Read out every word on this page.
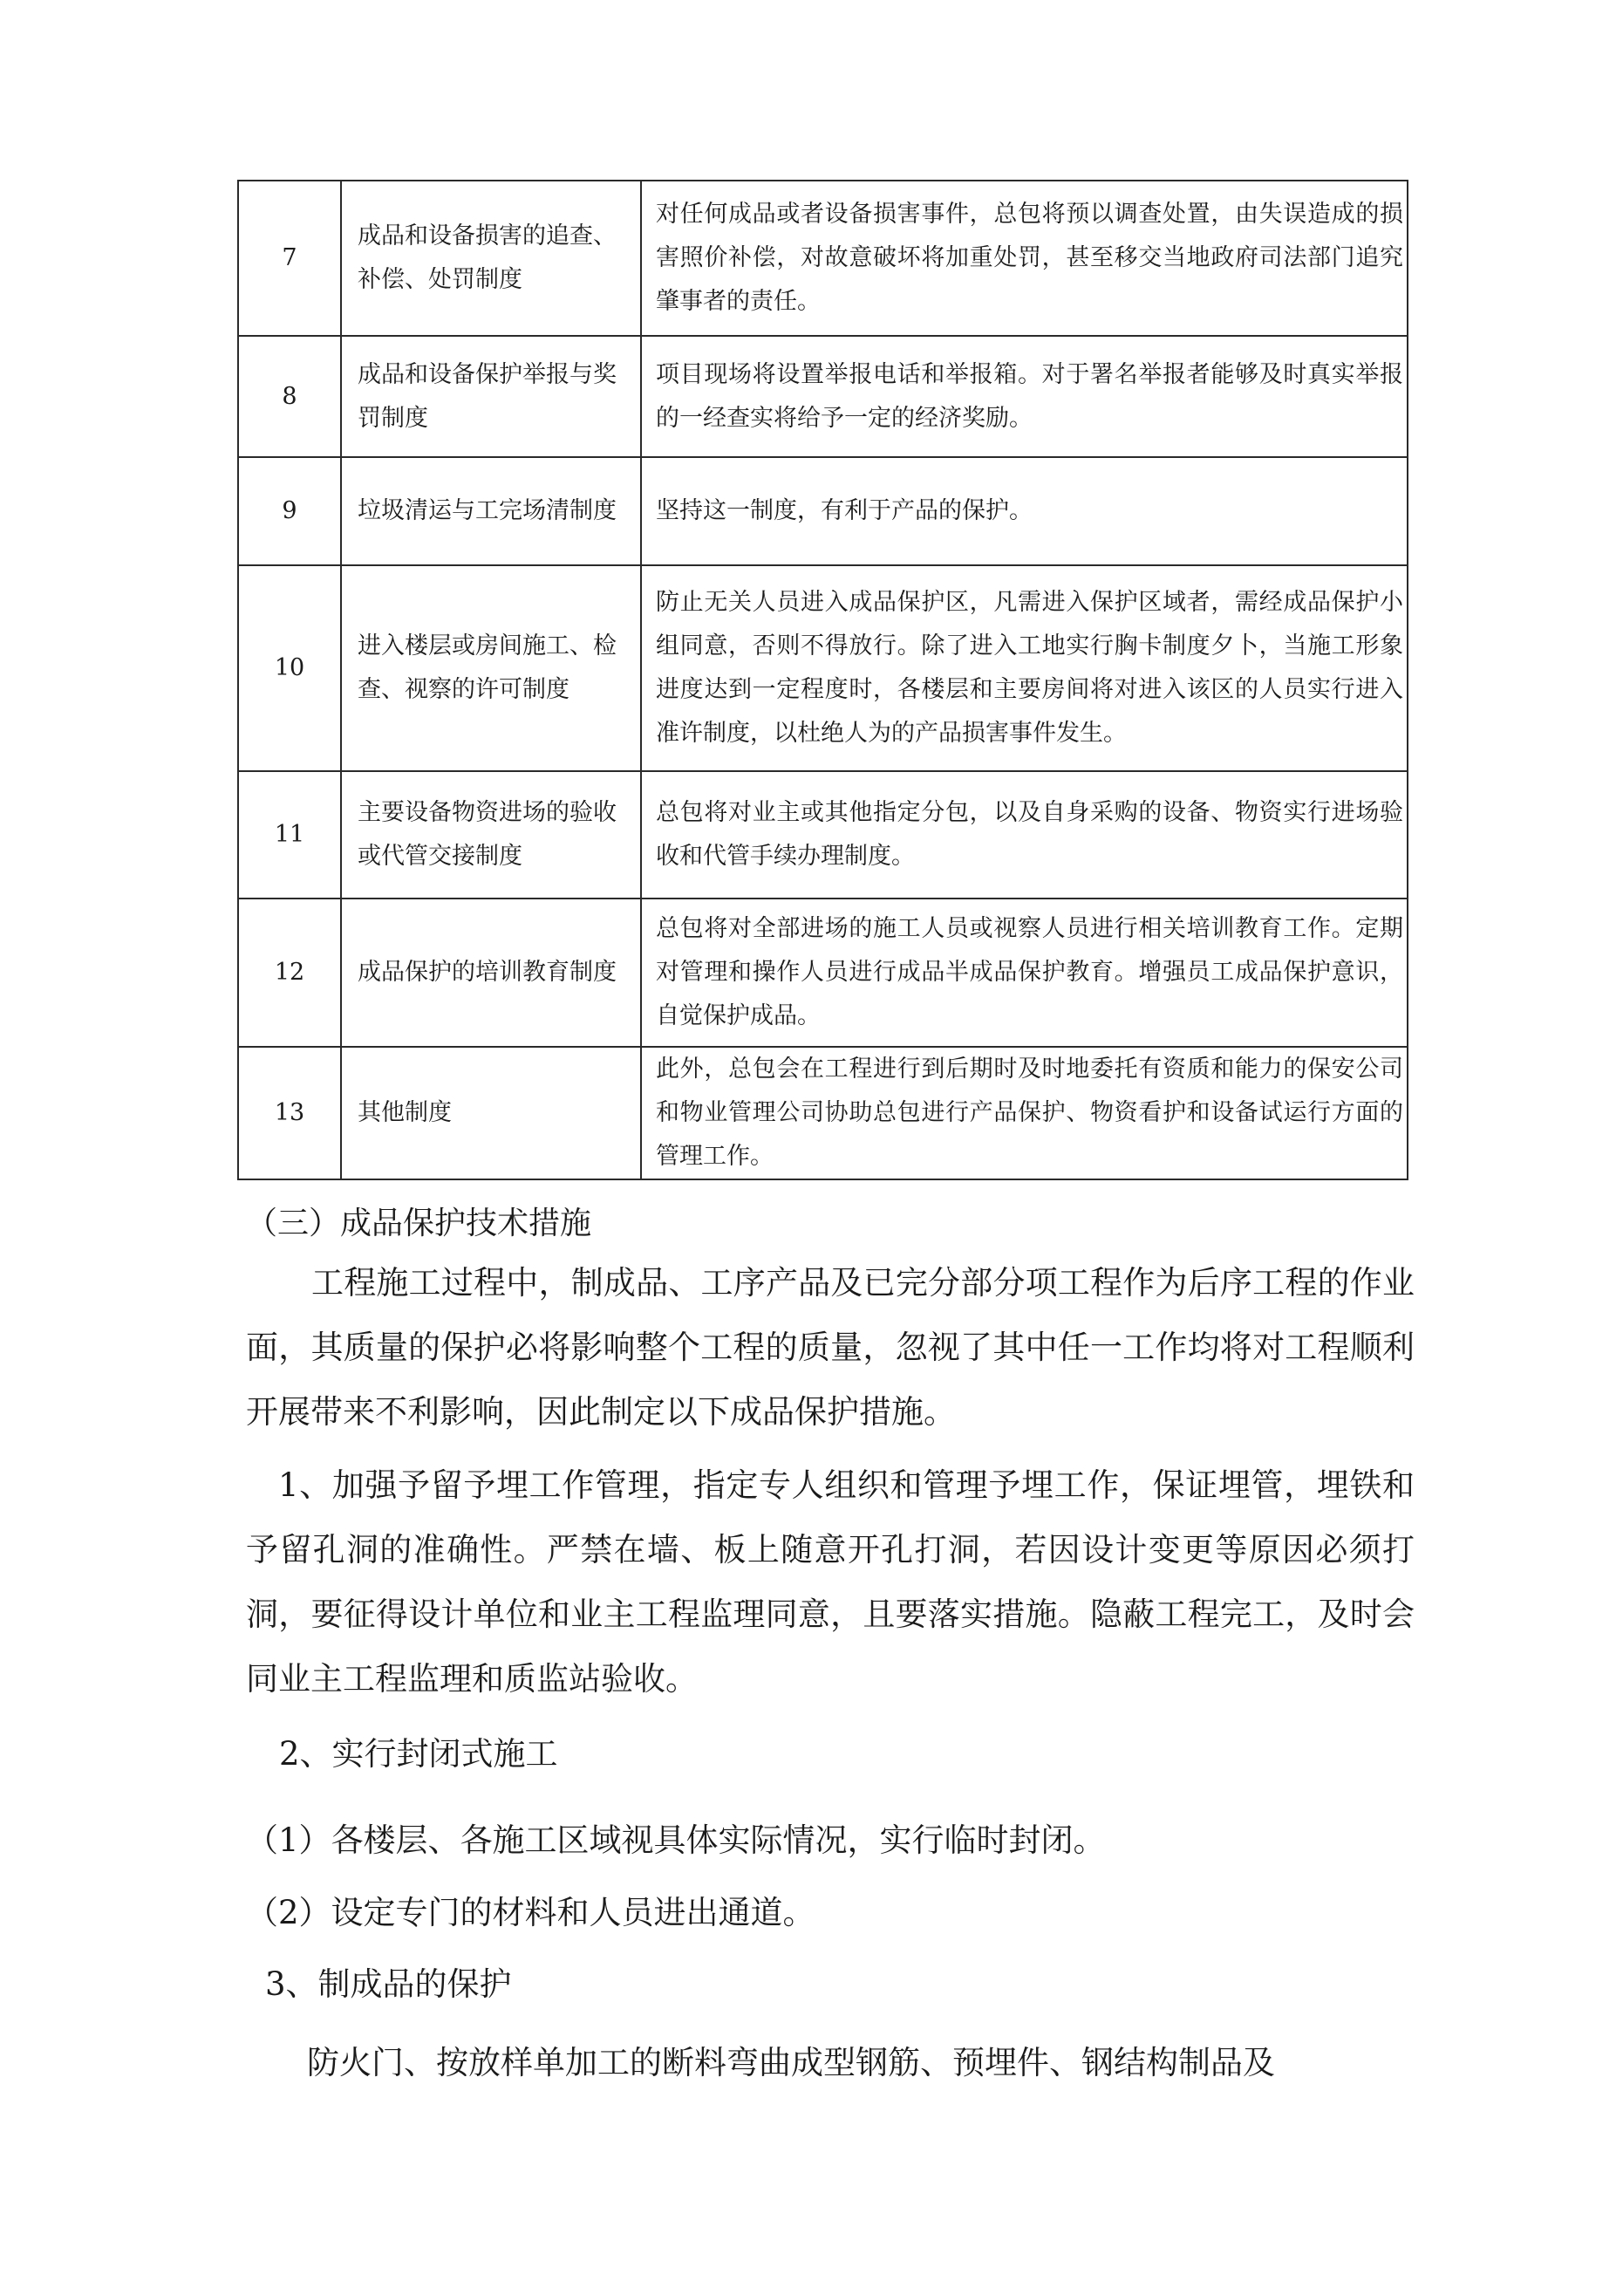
7	成品和设备损害的追查、补偿、处罚制度	对任何成品或者设备损害事件，总包将预以调查处置，由失误造成的损害照价补偿，对故意破坏将加重处罚，甚至移交当地政府司法部门追究肇事者的责任。
8	成品和设备保护举报与奖罚制度	项目现场将设置举报电话和举报箱。对于署名举报者能够及时真实举报的一经查实将给予一定的经济奖励。
9	垃圾清运与工完场清制度	坚持这一制度，有利于产品的保护。
10	进入楼层或房间施工、检查、视察的许可制度	防止无关人员进入成品保护区，凡需进入保护区域者，需经成品保护小组同意，否则不得放行。除了进入工地实行胸卡制度夕卜，当施工形象进度达到一定程度时，各楼层和主要房间将对进入该区的人员实行进入准许制度，以杜绝人为的产品损害事件发生。
11	主要设备物资进场的验收或代管交接制度	总包将对业主或其他指定分包，以及自身采购的设备、物资实行进场验收和代管手续办理制度。
12	成品保护的培训教育制度	总包将对全部进场的施工人员或视察人员进行相关培训教育工作。定期对管理和操作人员进行成品半成品保护教育。增强员工成品保护意识，自觉保护成品。
13	其他制度	此外，总包会在工程进行到后期时及时地委托有资质和能力的保安公司和物业管理公司协助总包进行产品保护、物资看护和设备试运行方面的管理工作。
（三）成品保护技术措施
工程施工过程中，制成品、工序产品及已完分部分项工程作为后序工程的作业面，其质量的保护必将影响整个工程的质量，忽视了其中任一工作均将对工程顺利开展带来不利影响，因此制定以下成品保护措施。
1、加强予留予埋工作管理，指定专人组织和管理予埋工作，保证埋管，埋铁和予留孔洞的准确性。严禁在墙、板上随意开孔打洞，若因设计变更等原因必须打洞，要征得设计单位和业主工程监理同意，且要落实措施。隐蔽工程完工，及时会同业主工程监理和质监站验收。
2、实行封闭式施工
（1）各楼层、各施工区域视具体实际情况，实行临时封闭。
（2）设定专门的材料和人员进出通道。
3、制成品的保护
防火门、按放样单加工的断料弯曲成型钢筋、预埋件、钢结构制品及
